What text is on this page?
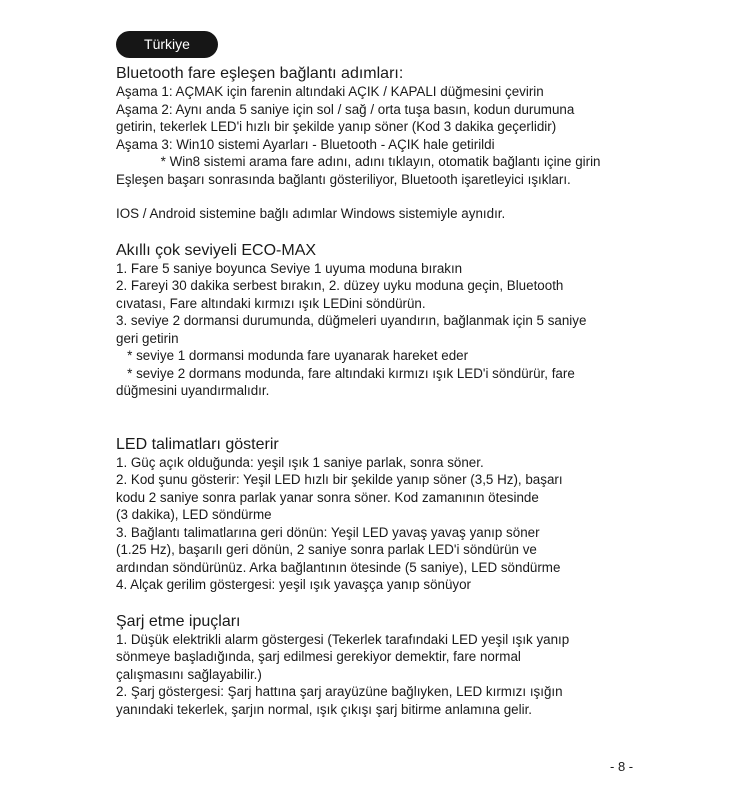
Türkiye
Bluetooth fare eşleşen bağlantı adımları:
Aşama 1: AÇMAK için farenin altındaki AÇIK / KAPALI düğmesini çevirin
Aşama 2: Aynı anda 5 saniye için sol / sağ / orta tuşa basın, kodun durumuna
getirin, tekerlek LED'i hızlı bir şekilde yanıp söner (Kod 3 dakika geçerlidir)
Aşama 3: Win10 sistemi Ayarları - Bluetooth - AÇIK hale getirildi
* Win8 sistemi arama fare adını, adını tıklayın, otomatik bağlantı içine girin
Eşleşen başarı sonrasında bağlantı gösteriliyor, Bluetooth işaretleyici ışıkları.
IOS / Android sistemine bağlı adımlar Windows sistemiyle aynıdır.
Akıllı çok seviyeli ECO-MAX
1. Fare 5 saniye boyunca Seviye 1 uyuma moduna bırakın
2. Fareyi 30 dakika serbest bırakın, 2. düzey uyku moduna geçin, Bluetooth
cıvatası, Fare altındaki kırmızı ışık LEDini söndürün.
3. seviye 2 dormansi durumunda, düğmeleri uyandırın, bağlanmak için 5 saniye
geri getirin
* seviye 1 dormansi modunda fare uyanarak hareket eder
* seviye 2 dormans modunda, fare altındaki kırmızı ışık LED'i söndürür, fare
düğmesini uyandırmalıdır.
LED talimatları gösterir
1. Güç açık olduğunda: yeşil ışık 1 saniye parlak, sonra söner.
2. Kod şunu gösterir: Yeşil LED hızlı bir şekilde yanıp söner (3,5 Hz), başarı
kodu 2 saniye sonra parlak yanar sonra söner. Kod zamanının ötesinde
(3 dakika), LED söndürme
3. Bağlantı talimatlarına geri dönün: Yeşil LED yavaş yavaş yanıp söner
(1.25 Hz), başarılı geri dönün, 2 saniye sonra parlak LED'i söndürün ve
ardından söndürünüz. Arka bağlantının ötesinde (5 saniye), LED söndürme
4. Alçak gerilim göstergesi: yeşil ışık yavaşça yanıp sönüyor
Şarj etme ipuçları
1. Düşük elektrikli alarm göstergesi (Tekerlek tarafındaki LED yeşil ışık yanıp
sönmeye başladığında, şarj edilmesi gerekiyor demektir, fare normal
çalışmasını sağlayabilir.)
2. Şarj göstergesi: Şarj hattına şarj arayüzüne bağlıyken, LED kırmızı ışığın
yanındaki tekerlek, şarjın normal, ışık çıkışı şarj bitirme anlamına gelir.
- 8 -
